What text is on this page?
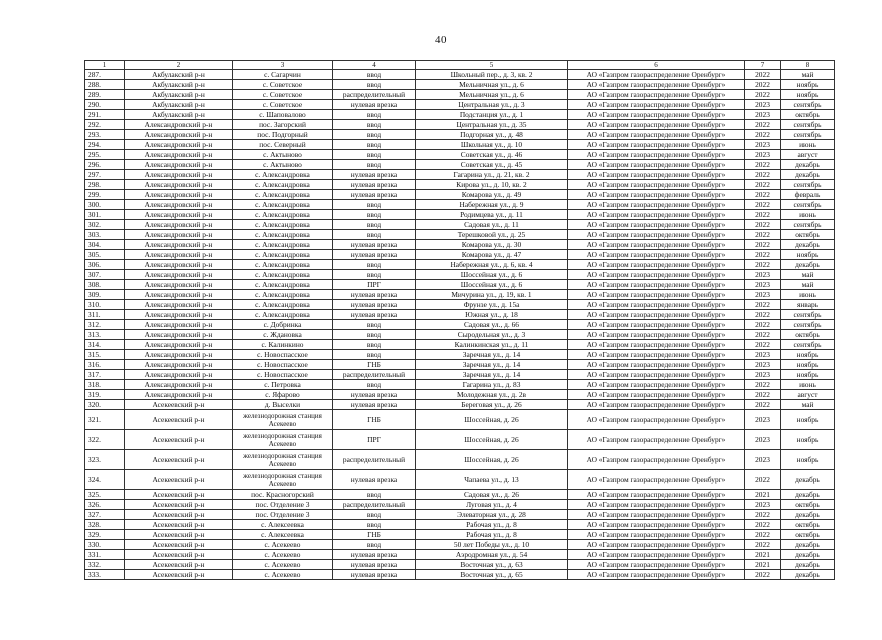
40
1	2	3	4	5	6	7	8
287.	Акбулакский р-н	с. Сагарчин	ввод	Школьный пер., д. 3, кв. 2	АО «Газпром газораспределение Оренбург»	2022	май
288.	Акбулакский р-н	с. Советское	ввод	Мельничная ул., д. 6	АО «Газпром газораспределение Оренбург»	2022	ноябрь
289.	Акбулакский р-н	с. Советское	распределительный	Мельничная ул., д. 6	АО «Газпром газораспределение Оренбург»	2022	ноябрь
290.	Акбулакский р-н	с. Советское	нулевая врезка	Центральная ул., д. 3	АО «Газпром газораспределение Оренбург»	2023	сентябрь
291.	Акбулакский р-н	с. Шаповалово	ввод	Подстанция ул., д. 1	АО «Газпром газораспределение Оренбург»	2023	октябрь
292.	Александровский р-н	пос. Загорский	ввод	Центральная ул., д. 35	АО «Газпром газораспределение Оренбург»	2022	сентябрь
293.	Александровский р-н	пос. Подгорный	ввод	Подгорная ул., д. 48	АО «Газпром газораспределение Оренбург»	2022	сентябрь
294.	Александровский р-н	пос. Северный	ввод	Школьная ул., д. 10	АО «Газпром газораспределение Оренбург»	2023	июнь
295.	Александровский р-н	с. Актыново	ввод	Советская ул., д. 46	АО «Газпром газораспределение Оренбург»	2023	август
296.	Александровский р-н	с. Актыново	ввод	Советская ул., д. 45	АО «Газпром газораспределение Оренбург»	2022	декабрь
297.	Александровский р-н	с. Александровка	нулевая врезка	Гагарина ул., д. 21, кв. 2	АО «Газпром газораспределение Оренбург»	2022	декабрь
298.	Александровский р-н	с. Александровка	нулевая врезка	Кирова ул., д. 10, кв. 2	АО «Газпром газораспределение Оренбург»	2022	сентябрь
299.	Александровский р-н	с. Александровка	нулевая врезка	Комарова ул., д. 49	АО «Газпром газораспределение Оренбург»	2022	февраль
300.	Александровский р-н	с. Александровка	ввод	Набережная ул., д. 9	АО «Газпром газораспределение Оренбург»	2022	сентябрь
301.	Александровский р-н	с. Александровка	ввод	Родимцева ул., д. 11	АО «Газпром газораспределение Оренбург»	2022	июнь
302.	Александровский р-н	с. Александровка	ввод	Садовая ул., д. 11	АО «Газпром газораспределение Оренбург»	2022	сентябрь
303.	Александровский р-н	с. Александровка	ввод	Терешковой ул., д. 25	АО «Газпром газораспределение Оренбург»	2022	октябрь
304.	Александровский р-н	с. Александровка	нулевая врезка	Комарова ул., д. 30	АО «Газпром газораспределение Оренбург»	2022	декабрь
305.	Александровский р-н	с. Александровка	нулевая врезка	Комарова ул., д. 47	АО «Газпром газораспределение Оренбург»	2022	ноябрь
306.	Александровский р-н	с. Александровка	ввод	Набережная ул., д. 6, кв. 4	АО «Газпром газораспределение Оренбург»	2022	декабрь
307.	Александровский р-н	с. Александровка	ввод	Шоссейная ул., д. 6	АО «Газпром газораспределение Оренбург»	2023	май
308.	Александровский р-н	с. Александровка	ПРГ	Шоссейная ул., д. 6	АО «Газпром газораспределение Оренбург»	2023	май
309.	Александровский р-н	с. Александровка	нулевая врезка	Мичурина ул., д. 19, кв. 1	АО «Газпром газораспределение Оренбург»	2023	июнь
310.	Александровский р-н	с. Александровка	нулевая врезка	Фрунзе ул., д. 15а	АО «Газпром газораспределение Оренбург»	2022	январь
311.	Александровский р-н	с. Александровка	нулевая врезка	Южная ул., д. 18	АО «Газпром газораспределение Оренбург»	2022	сентябрь
312.	Александровский р-н	с. Добринка	ввод	Садовая ул., д. 66	АО «Газпром газораспределение Оренбург»	2022	сентябрь
313.	Александровский р-н	с. Ждановка	ввод	Сыродельная ул., д. 3	АО «Газпром газораспределение Оренбург»	2022	октябрь
314.	Александровский р-н	с. Калинкино	ввод	Калинкинская ул., д. 11	АО «Газпром газораспределение Оренбург»	2022	сентябрь
315.	Александровский р-н	с. Новоспасское	ввод	Заречная ул., д. 14	АО «Газпром газораспределение Оренбург»	2023	ноябрь
316.	Александровский р-н	с. Новоспасское	ГНБ	Заречная ул., д. 14	АО «Газпром газораспределение Оренбург»	2023	ноябрь
317.	Александровский р-н	с. Новоспасское	распределительный	Заречная ул., д. 14	АО «Газпром газораспределение Оренбург»	2023	ноябрь
318.	Александровский р-н	с. Петровка	ввод	Гагарина ул., д. 83	АО «Газпром газораспределение Оренбург»	2022	июнь
319.	Александровский р-н	с. Яфарово	нулевая врезка	Молодежная ул., д. 2в	АО «Газпром газораспределение Оренбург»	2022	август
320.	Асекеевский р-н	д. Выселки	нулевая врезка	Береговая ул., д. 26	АО «Газпром газораспределение Оренбург»	2022	май
321.	Асекеевский р-н	железнодорожная станция Асекеево	ГНБ	Шоссейная, д. 26	АО «Газпром газораспределение Оренбург»	2023	ноябрь
322.	Асекеевский р-н	железнодорожная станция Асекеево	ПРГ	Шоссейная, д. 26	АО «Газпром газораспределение Оренбург»	2023	ноябрь
323.	Асекеевский р-н	железнодорожная станция Асекеево	распределительный	Шоссейная, д. 26	АО «Газпром газораспределение Оренбург»	2023	ноябрь
324.	Асекеевский р-н	железнодорожная станция Асекеево	нулевая врезка	Чапаева ул., д. 13	АО «Газпром газораспределение Оренбург»	2022	декабрь
325.	Асекеевский р-н	пос. Красногорский	ввод	Садовая ул., д. 26	АО «Газпром газораспределение Оренбург»	2021	декабрь
326.	Асекеевский р-н	пос. Отделение 3	распределительный	Луговая ул., д. 4	АО «Газпром газораспределение Оренбург»	2023	октябрь
327.	Асекеевский р-н	пос. Отделение 3	ввод	Элеваторная ул., д. 28	АО «Газпром газораспределение Оренбург»	2022	декабрь
328.	Асекеевский р-н	с. Алексеевка	ввод	Рабочая ул., д. 8	АО «Газпром газораспределение Оренбург»	2022	октябрь
329.	Асекеевский р-н	с. Алексеевка	ГНБ	Рабочая ул., д. 8	АО «Газпром газораспределение Оренбург»	2022	октябрь
330.	Асекеевский р-н	с. Асекеево	ввод	50 лет Победы ул., д. 10	АО «Газпром газораспределение Оренбург»	2022	декабрь
331.	Асекеевский р-н	с. Асекеево	нулевая врезка	Аэродромная ул., д. 54	АО «Газпром газораспределение Оренбург»	2021	декабрь
332.	Асекеевский р-н	с. Асекеево	нулевая врезка	Восточная ул., д. 63	АО «Газпром газораспределение Оренбург»	2021	декабрь
333.	Асекеевский р-н	с. Асекеево	нулевая врезка	Восточная ул., д. 65	АО «Газпром газораспределение Оренбург»	2022	декабрь
